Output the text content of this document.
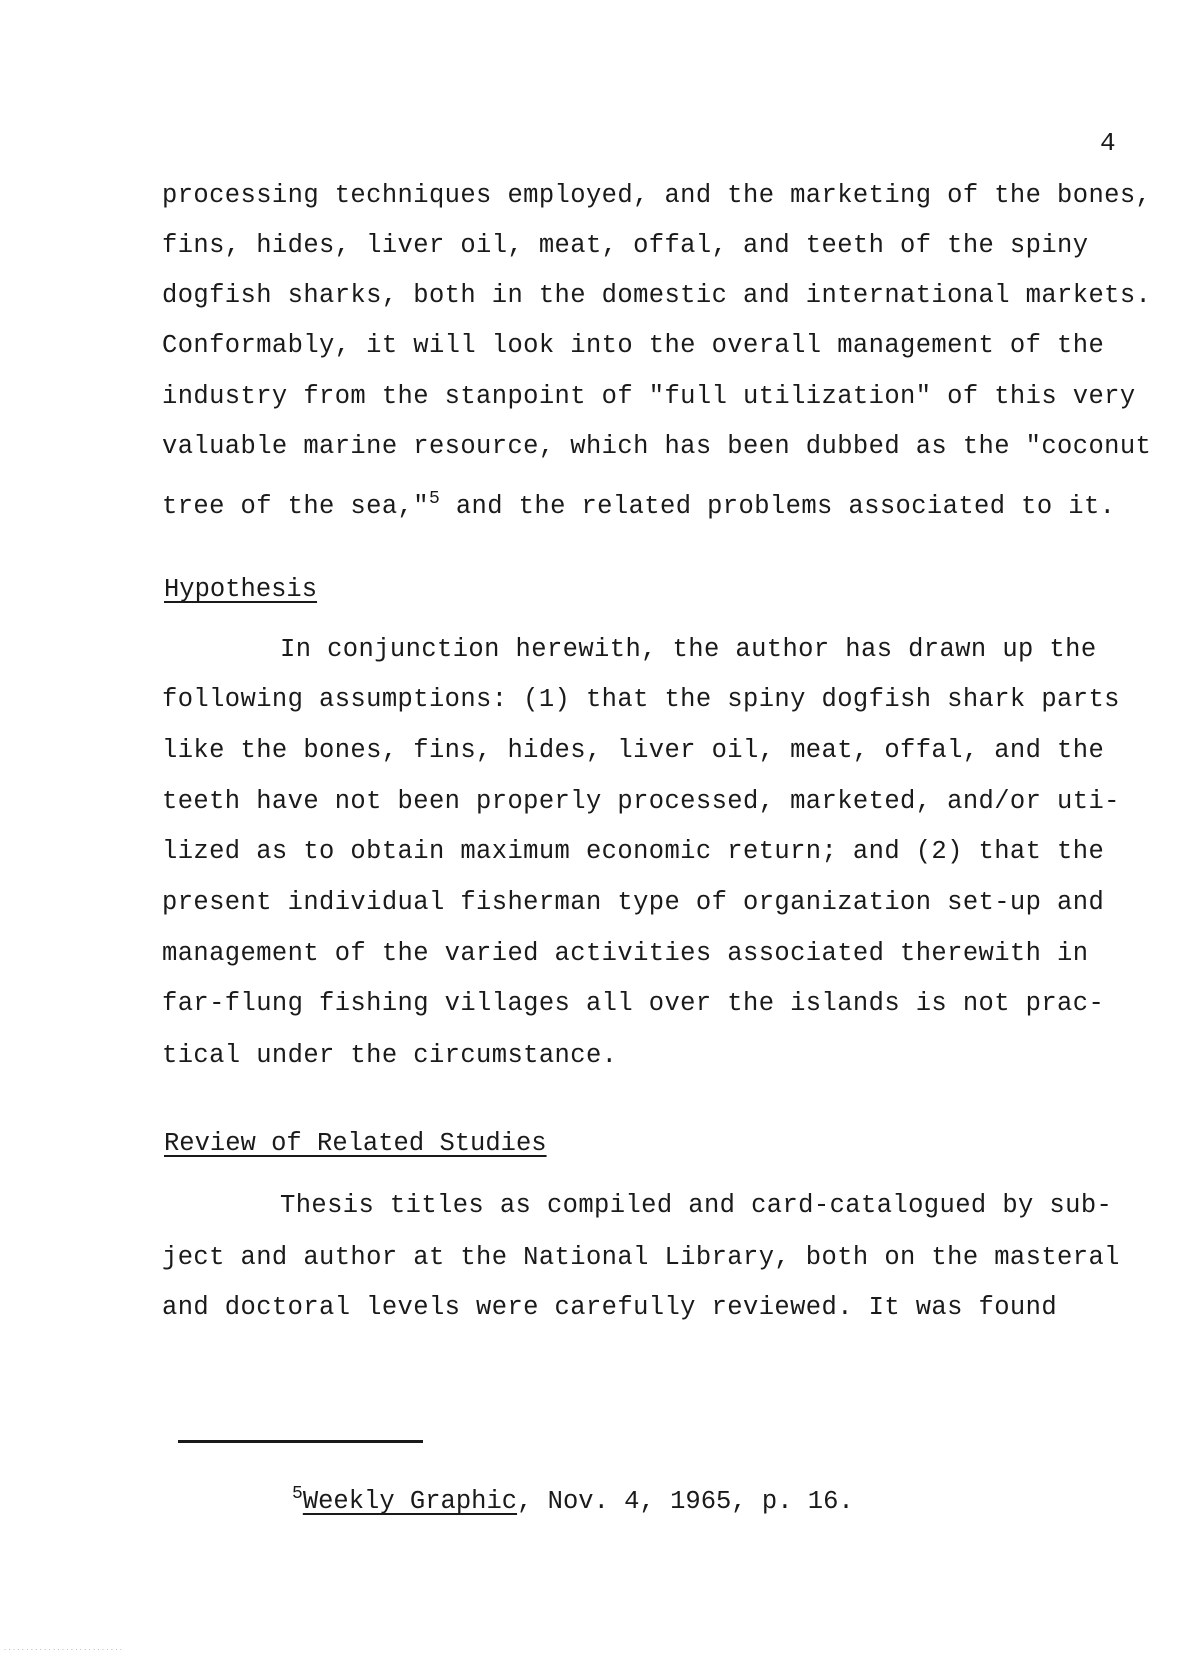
4
processing techniques employed, and the marketing of the bones,
fins, hides, liver oil, meat, offal, and teeth of the spiny
dogfish sharks, both in the domestic and international markets.
Conformably, it will look into the overall management of the
industry from the stanpoint of "full utilization" of this very
valuable marine resource, which has been dubbed as the "coconut
tree of the sea,"$^5$ and the related problems associated to it.
Hypothesis
In conjunction herewith, the author has drawn up the
following assumptions: (1) that the spiny dogfish shark parts
like the bones, fins, hides, liver oil, meat, offal, and the
teeth have not been properly processed, marketed, and/or uti-
lized as to obtain maximum economic return; and (2) that the
present individual fisherman type of organization set-up and
management of the varied activities associated therewith in
far-flung fishing villages all over the islands is not prac-
tical under the circumstance.
Review of Related Studies
Thesis titles as compiled and card-catalogued by sub-
ject and author at the National Library, both on the masteral
and doctoral levels were carefully reviewed. It was found
$^5$Weekly Graphic, Nov. 4, 1965, p. 16.
. . . . . . . . . . . . . . . . . . . . . . . . . . .
